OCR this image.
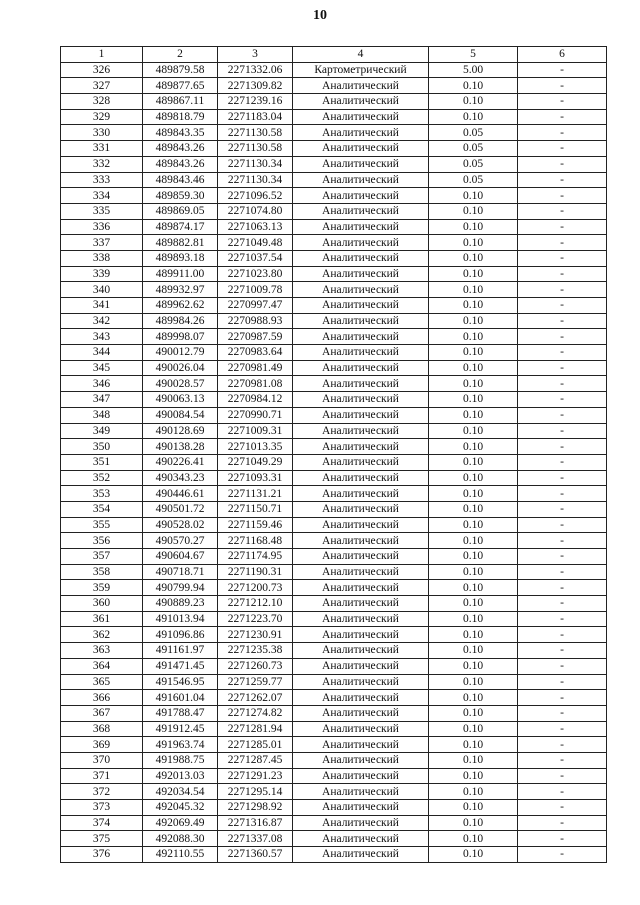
10
1	2	3	4	5	6
326	489879.58	2271332.06	Картометрический	5.00	-
327	489877.65	2271309.82	Аналитический	0.10	-
328	489867.11	2271239.16	Аналитический	0.10	-
329	489818.79	2271183.04	Аналитический	0.10	-
330	489843.35	2271130.58	Аналитический	0.05	-
331	489843.26	2271130.58	Аналитический	0.05	-
332	489843.26	2271130.34	Аналитический	0.05	-
333	489843.46	2271130.34	Аналитический	0.05	-
334	489859.30	2271096.52	Аналитический	0.10	-
335	489869.05	2271074.80	Аналитический	0.10	-
336	489874.17	2271063.13	Аналитический	0.10	-
337	489882.81	2271049.48	Аналитический	0.10	-
338	489893.18	2271037.54	Аналитический	0.10	-
339	489911.00	2271023.80	Аналитический	0.10	-
340	489932.97	2271009.78	Аналитический	0.10	-
341	489962.62	2270997.47	Аналитический	0.10	-
342	489984.26	2270988.93	Аналитический	0.10	-
343	489998.07	2270987.59	Аналитический	0.10	-
344	490012.79	2270983.64	Аналитический	0.10	-
345	490026.04	2270981.49	Аналитический	0.10	-
346	490028.57	2270981.08	Аналитический	0.10	-
347	490063.13	2270984.12	Аналитический	0.10	-
348	490084.54	2270990.71	Аналитический	0.10	-
349	490128.69	2271009.31	Аналитический	0.10	-
350	490138.28	2271013.35	Аналитический	0.10	-
351	490226.41	2271049.29	Аналитический	0.10	-
352	490343.23	2271093.31	Аналитический	0.10	-
353	490446.61	2271131.21	Аналитический	0.10	-
354	490501.72	2271150.71	Аналитический	0.10	-
355	490528.02	2271159.46	Аналитический	0.10	-
356	490570.27	2271168.48	Аналитический	0.10	-
357	490604.67	2271174.95	Аналитический	0.10	-
358	490718.71	2271190.31	Аналитический	0.10	-
359	490799.94	2271200.73	Аналитический	0.10	-
360	490889.23	2271212.10	Аналитический	0.10	-
361	491013.94	2271223.70	Аналитический	0.10	-
362	491096.86	2271230.91	Аналитический	0.10	-
363	491161.97	2271235.38	Аналитический	0.10	-
364	491471.45	2271260.73	Аналитический	0.10	-
365	491546.95	2271259.77	Аналитический	0.10	-
366	491601.04	2271262.07	Аналитический	0.10	-
367	491788.47	2271274.82	Аналитический	0.10	-
368	491912.45	2271281.94	Аналитический	0.10	-
369	491963.74	2271285.01	Аналитический	0.10	-
370	491988.75	2271287.45	Аналитический	0.10	-
371	492013.03	2271291.23	Аналитический	0.10	-
372	492034.54	2271295.14	Аналитический	0.10	-
373	492045.32	2271298.92	Аналитический	0.10	-
374	492069.49	2271316.87	Аналитический	0.10	-
375	492088.30	2271337.08	Аналитический	0.10	-
376	492110.55	2271360.57	Аналитический	0.10	-
